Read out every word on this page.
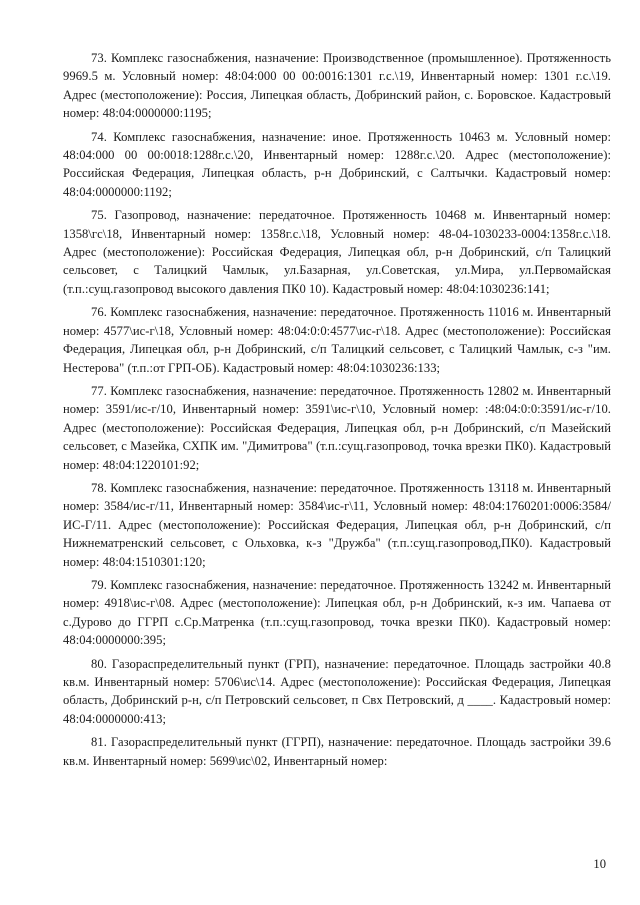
73. Комплекс газоснабжения, назначение: Производственное (промышленное). Протяженность 9969.5 м. Условный номер: 48:04:000 00 00:0016:1301 г.с.\19, Инвентарный номер: 1301 г.с.\19. Адрес (местоположение): Россия, Липецкая область, Добринский район, с. Боровское. Кадастровый номер: 48:04:0000000:1195;

74. Комплекс газоснабжения, назначение: иное. Протяженность 10463 м. Условный номер: 48:04:000 00 00:0018:1288г.с.\20, Инвентарный номер: 1288г.с.\20. Адрес (местоположение): Российская Федерация, Липецкая область, р-н Добринский, с Салтычки. Кадастровый номер: 48:04:0000000:1192;

75. Газопровод, назначение: передаточное. Протяженность 10468 м. Инвентарный номер: 1358\гс\18, Инвентарный номер: 1358г.с.\18, Условный номер: 48-04-1030233-0004:1358г.с.\18. Адрес (местоположение): Российская Федерация, Липецкая обл, р-н Добринский, с/п Талицкий сельсовет, с Талицкий Чамлык, ул.Базарная, ул.Советская, ул.Мира, ул.Первомайская (т.п.:сущ.газопровод высокого давления ПК0 10). Кадастровый номер: 48:04:1030236:141;

76. Комплекс газоснабжения, назначение: передаточное. Протяженность 11016 м. Инвентарный номер: 4577\ис-г\18, Условный номер: 48:04:0:0:4577\ис-г\18. Адрес (местоположение): Российская Федерация, Липецкая обл, р-н Добринский, с/п Талицкий сельсовет, с Талицкий Чамлык, с-з "им. Нестерова" (т.п.:от ГРП-ОБ). Кадастровый номер: 48:04:1030236:133;

77. Комплекс газоснабжения, назначение: передаточное. Протяженность 12802 м. Инвентарный номер: 3591/ис-г/10, Инвентарный номер: 3591\ис-г\10, Условный номер: :48:04:0:0:3591/ис-г/10. Адрес (местоположение): Российская Федерация, Липецкая обл, р-н Добринский, с/п Мазейский сельсовет, с Мазейка, СХПК им. "Димитрова" (т.п.:сущ.газопровод, точка врезки ПК0). Кадастровый номер: 48:04:1220101:92;

78. Комплекс газоснабжения, назначение: передаточное. Протяженность 13118 м. Инвентарный номер: 3584/ис-г/11, Инвентарный номер: 3584\ис-г\11, Условный номер: 48:04:1760201:0006:3584/ИС-Г/11. Адрес (местоположение): Российская Федерация, Липецкая обл, р-н Добринский, с/п Нижнематренский сельсовет, с Ольховка, к-з "Дружба" (т.п.:сущ.газопровод,ПК0). Кадастровый номер: 48:04:1510301:120;

79. Комплекс газоснабжения, назначение: передаточное. Протяженность 13242 м. Инвентарный номер: 4918\ис-г\08. Адрес (местоположение): Липецкая обл, р-н Добринский, к-з им. Чапаева от с.Дурово до ГГРП с.Ср.Матренка (т.п.:сущ.газопровод, точка врезки ПК0). Кадастровый номер: 48:04:0000000:395;

80. Газораспределительный пункт (ГРП), назначение: передаточное. Площадь застройки 40.8 кв.м. Инвентарный номер: 5706\ис\14. Адрес (местоположение): Российская Федерация, Липецкая область, Добринский р-н, с/п Петровский сельсовет, п Свх Петровский, д ____. Кадастровый номер: 48:04:0000000:413;

81. Газораспределительный пункт (ГГРП), назначение: передаточное. Площадь застройки 39.6 кв.м. Инвентарный номер: 5699\ис\02, Инвентарный номер:

10
